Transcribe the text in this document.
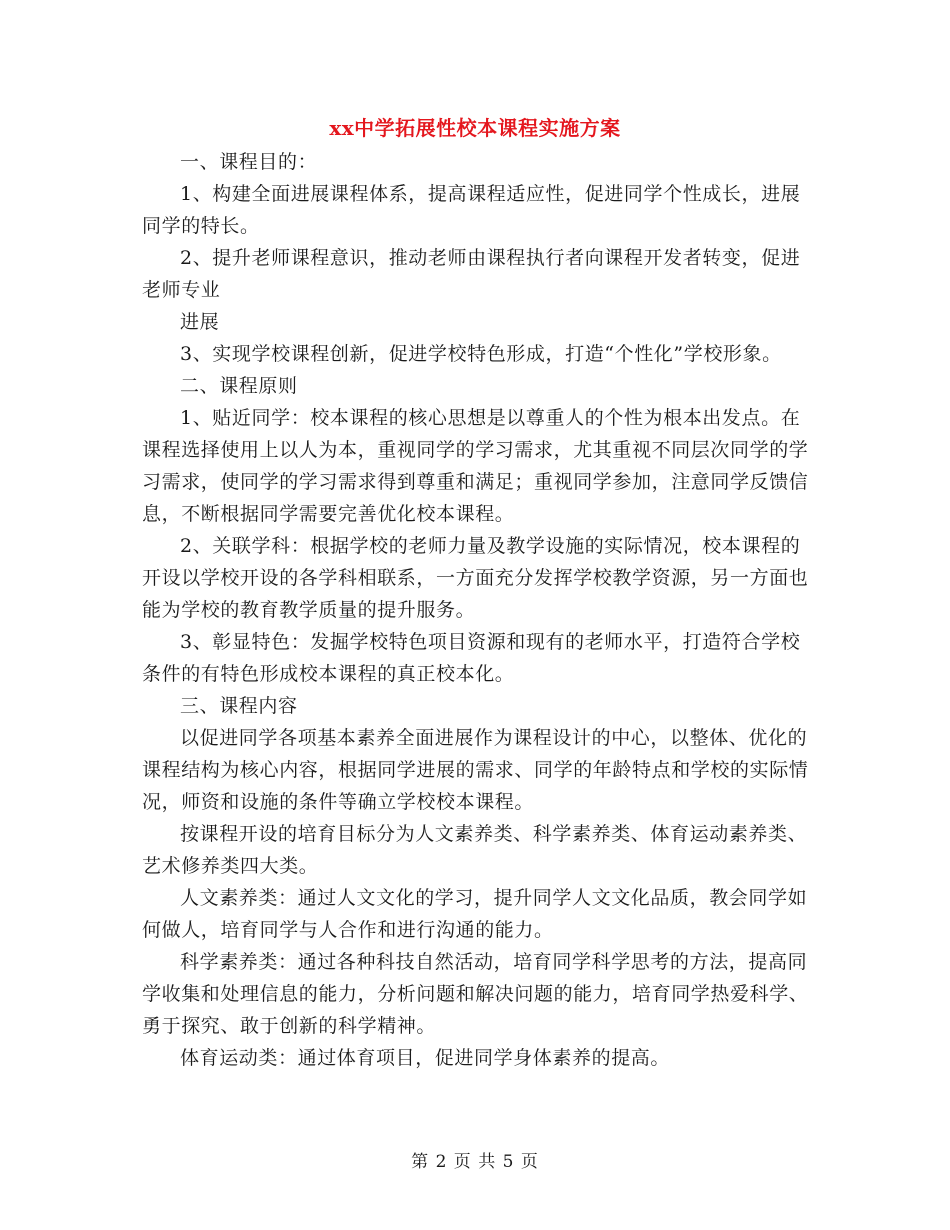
xx中学拓展性校本课程实施方案

一、课程目的：

1、构建全面进展课程体系，提高课程适应性，促进同学个性成长，进展同学的特长。

2、提升老师课程意识，推动老师由课程执行者向课程开发者转变，促进老师专业

进展

3、实现学校课程创新，促进学校特色形成，打造“个性化”学校形象。

二、课程原则

1、贴近同学：校本课程的核心思想是以尊重人的个性为根本出发点。在课程选择使用上以人为本，重视同学的学习需求，尤其重视不同层次同学的学习需求，使同学的学习需求得到尊重和满足；重视同学参加，注意同学反馈信息，不断根据同学需要完善优化校本课程。

2、关联学科：根据学校的老师力量及教学设施的实际情况，校本课程的开设以学校开设的各学科相联系，一方面充分发挥学校教学资源，另一方面也能为学校的教育教学质量的提升服务。

3、彰显特色：发掘学校特色项目资源和现有的老师水平，打造符合学校条件的有特色形成校本课程的真正校本化。

三、课程内容

以促进同学各项基本素养全面进展作为课程设计的中心，以整体、优化的课程结构为核心内容，根据同学进展的需求、同学的年龄特点和学校的实际情况，师资和设施的条件等确立学校校本课程。

按课程开设的培育目标分为人文素养类、科学素养类、体育运动素养类、艺术修养类四大类。

人文素养类：通过人文文化的学习，提升同学人文文化品质，教会同学如何做人，培育同学与人合作和进行沟通的能力。

科学素养类：通过各种科技自然活动，培育同学科学思考的方法，提高同学收集和处理信息的能力，分析问题和解决问题的能力，培育同学热爱科学、勇于探究、敢于创新的科学精神。

体育运动类：通过体育项目，促进同学身体素养的提高。

第 2 页 共 5 页
